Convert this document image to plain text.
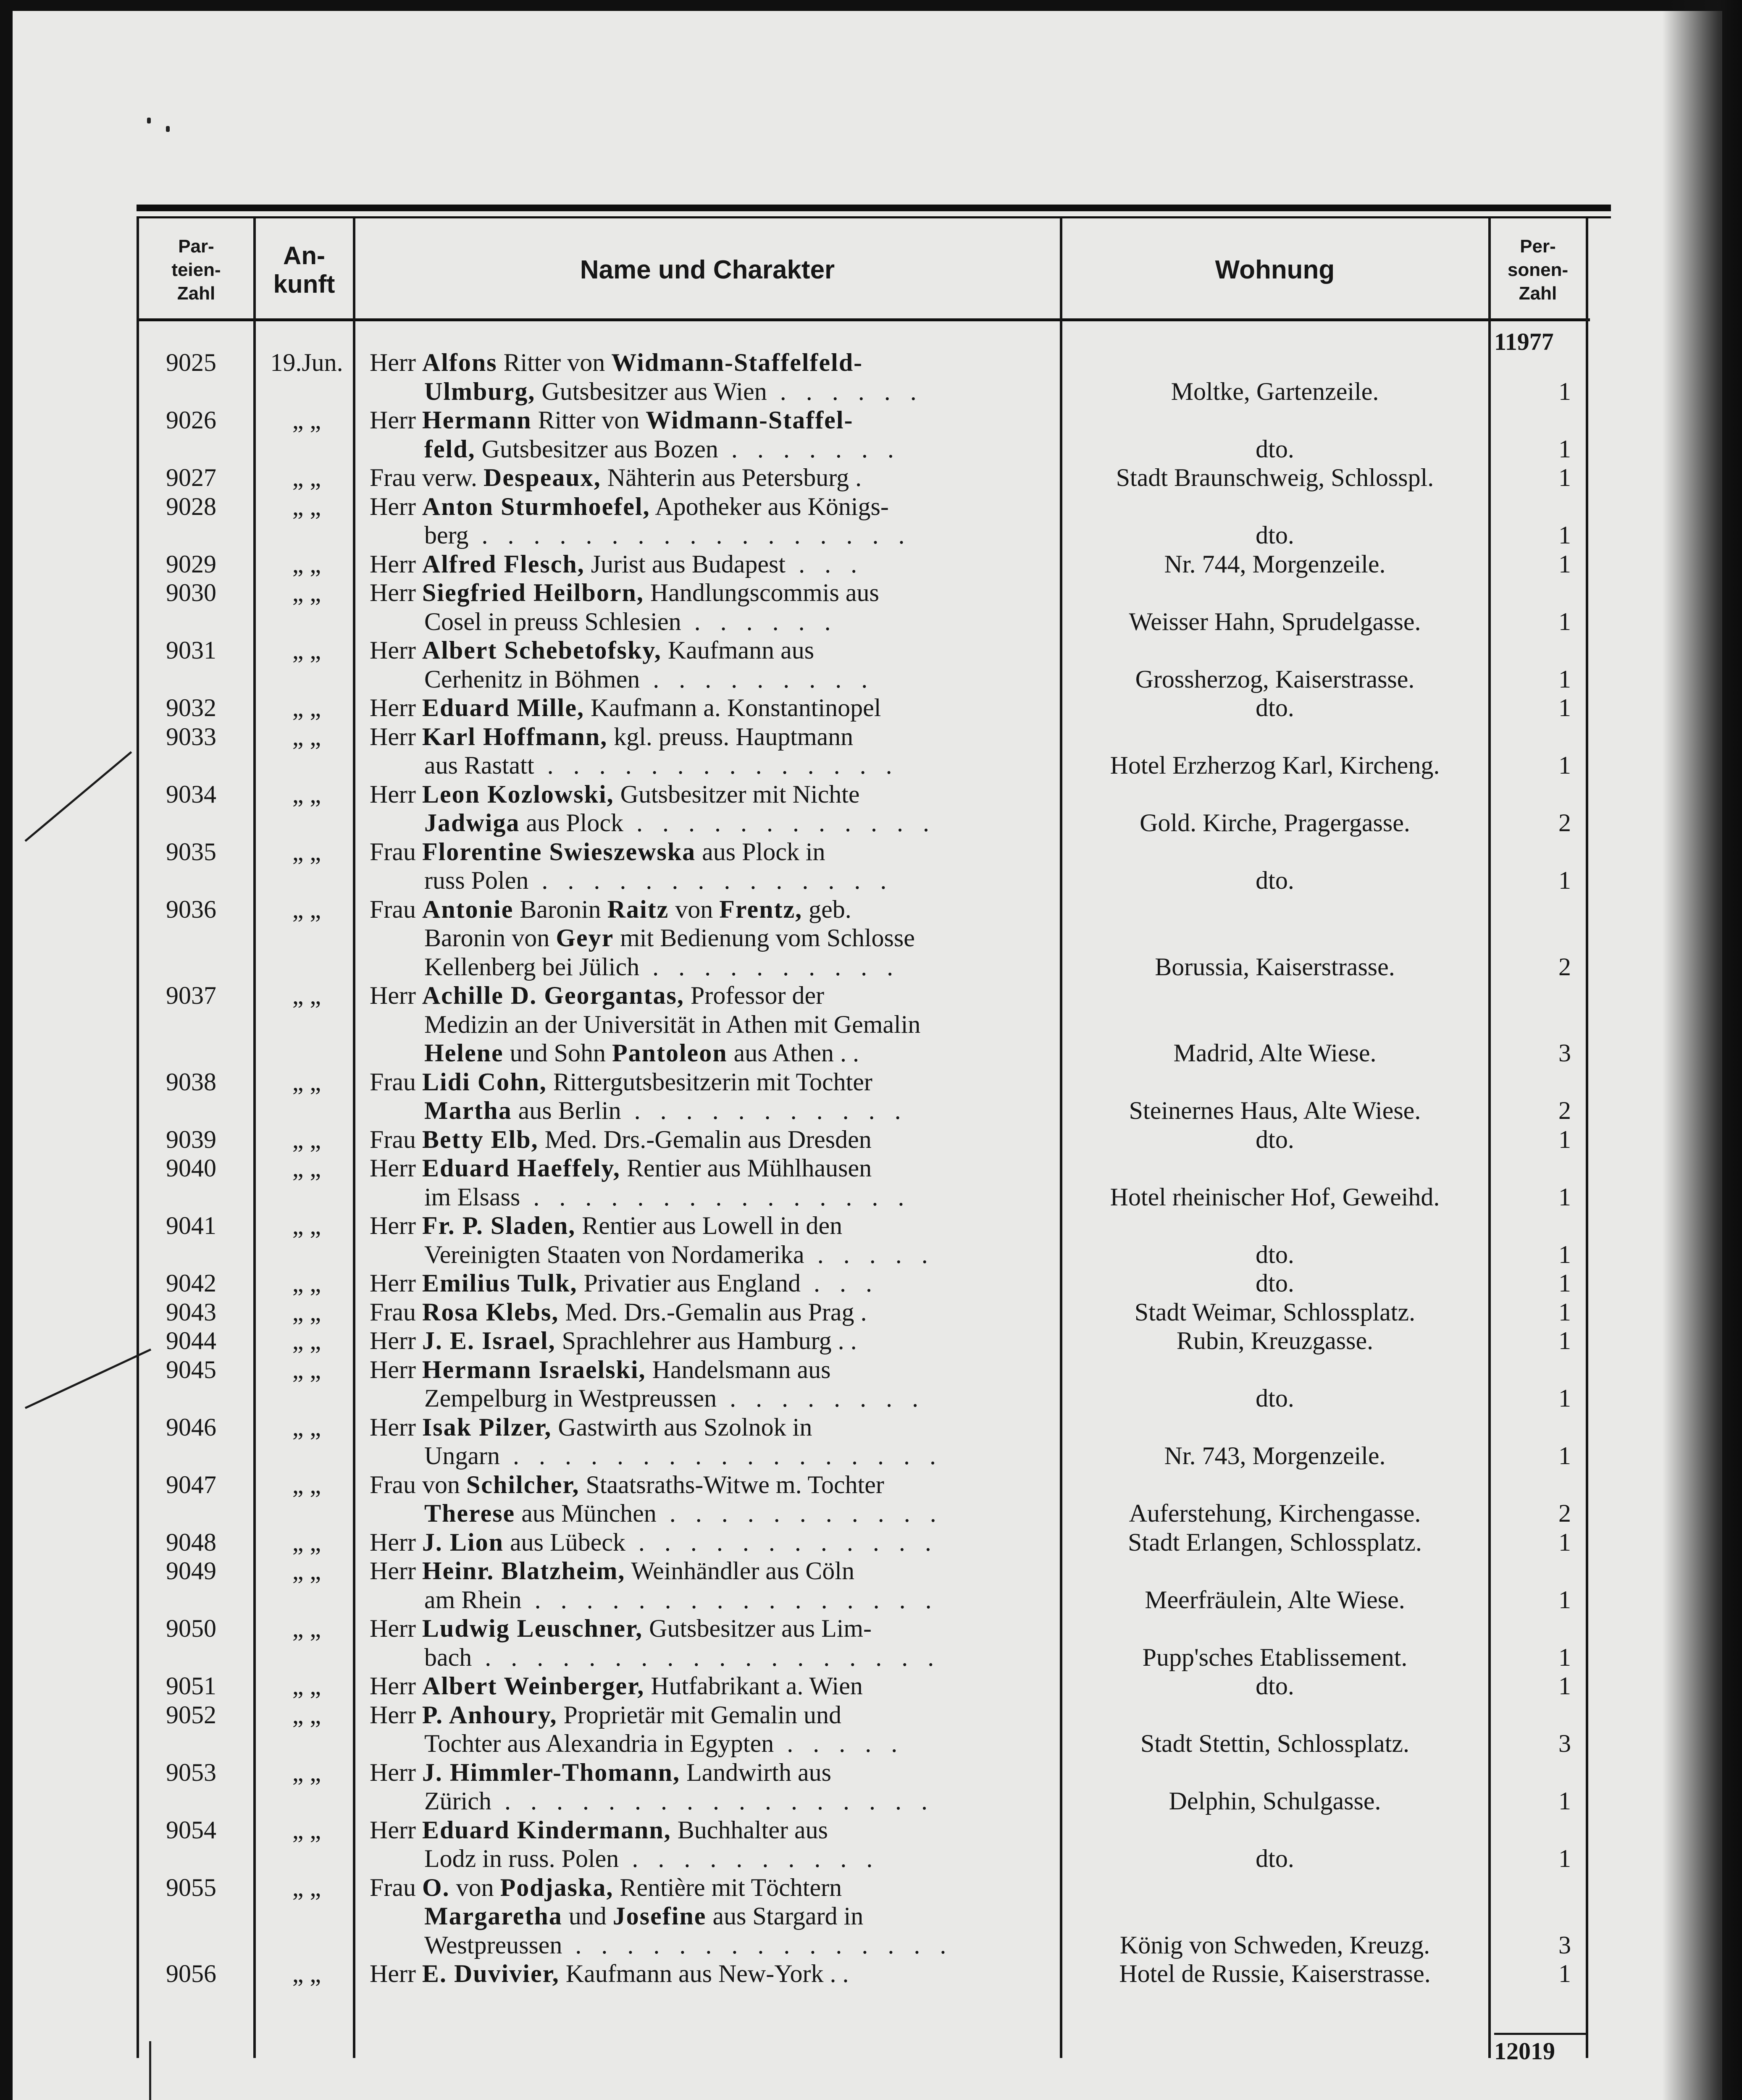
Par-
teien-
Zahl
An-
kunft	Name und Charakter	Wohnung
Per-
sonen-
Zahl
11977
12019
9025	19.Jun.	Herr Alfons Ritter von Widmann-Staffelfeld-
Ulmburg, Gutsbesitzer aus Wien . . . . . .	Moltke, Gartenzeile.	1
9026	„ „	Herr Hermann Ritter von Widmann-Staffel-
feld, Gutsbesitzer aus Bozen . . . . . . .	dto.	1
9027	„ „	Frau verw. Despeaux, Nähterin aus Petersburg .	Stadt Braunschweig, Schlosspl.	1
9028	„ „	Herr Anton Sturmhoefel, Apotheker aus Königs-
berg . . . . . . . . . . . . . . . . .	dto.	1
9029	„ „	Herr Alfred Flesch, Jurist aus Budapest . . .	Nr. 744, Morgenzeile.	1
9030	„ „	Herr Siegfried Heilborn, Handlungscommis aus
Cosel in preuss Schlesien . . . . . .	Weisser Hahn, Sprudelgasse.	1
9031	„ „	Herr Albert Schebetofsky, Kaufmann aus
Cerhenitz in Böhmen . . . . . . . . .	Grossherzog, Kaiserstrasse.	1
9032	„ „	Herr Eduard Mille, Kaufmann a. Konstantinopel	dto.	1
9033	„ „	Herr Karl Hoffmann, kgl. preuss. Hauptmann
aus Rastatt . . . . . . . . . . . . . .	Hotel Erzherzog Karl, Kircheng.	1
9034	„ „	Herr Leon Kozlowski, Gutsbesitzer mit Nichte
Jadwiga aus Plock . . . . . . . . . . . .	Gold. Kirche, Pragergasse.	2
9035	„ „	Frau Florentine Swieszewska aus Plock in
russ Polen . . . . . . . . . . . . . .	dto.	1
9036	„ „	Frau Antonie Baronin Raitz von Frentz, geb.
Baronin von Geyr mit Bedienung vom Schlosse
Kellenberg bei Jülich . . . . . . . . . .	Borussia, Kaiserstrasse.	2
9037	„ „	Herr Achille D. Georgantas, Professor der
Medizin an der Universität in Athen mit Gemalin
Helene und Sohn Pantoleon aus Athen . .	Madrid, Alte Wiese.	3
9038	„ „	Frau Lidi Cohn, Rittergutsbesitzerin mit Tochter
Martha aus Berlin . . . . . . . . . . .	Steinernes Haus, Alte Wiese.	2
9039	„ „	Frau Betty Elb, Med. Drs.-Gemalin aus Dresden	dto.	1
9040	„ „	Herr Eduard Haeffely, Rentier aus Mühlhausen
im Elsass . . . . . . . . . . . . . . .	Hotel rheinischer Hof, Geweihd.	1
9041	„ „	Herr Fr. P. Sladen, Rentier aus Lowell in den
Vereinigten Staaten von Nordamerika . . . . .	dto.	1
9042	„ „	Herr Emilius Tulk, Privatier aus England . . .	dto.	1
9043	„ „	Frau Rosa Klebs, Med. Drs.-Gemalin aus Prag .	Stadt Weimar, Schlossplatz.	1
9044	„ „	Herr J. E. Israel, Sprachlehrer aus Hamburg . .	Rubin, Kreuzgasse.	1
9045	„ „	Herr Hermann Israelski, Handelsmann aus
Zempelburg in Westpreussen . . . . . . . .	dto.	1
9046	„ „	Herr Isak Pilzer, Gastwirth aus Szolnok in
Ungarn . . . . . . . . . . . . . . . . .	Nr. 743, Morgenzeile.	1
9047	„ „	Frau von Schilcher, Staatsraths-Witwe m. Tochter
Therese aus München . . . . . . . . . . .	Auferstehung, Kirchengasse.	2
9048	„ „	Herr J. Lion aus Lübeck . . . . . . . . . . . .	Stadt Erlangen, Schlossplatz.	1
9049	„ „	Herr Heinr. Blatzheim, Weinhändler aus Cöln
am Rhein . . . . . . . . . . . . . . . .	Meerfräulein, Alte Wiese.	1
9050	„ „	Herr Ludwig Leuschner, Gutsbesitzer aus Lim-
bach . . . . . . . . . . . . . . . . . .	Pupp'sches Etablissement.	1
9051	„ „	Herr Albert Weinberger, Hutfabrikant a. Wien	dto.	1
9052	„ „	Herr P. Anhoury, Proprietär mit Gemalin und
Tochter aus Alexandria in Egypten . . . . .	Stadt Stettin, Schlossplatz.	3
9053	„ „	Herr J. Himmler-Thomann, Landwirth aus
Zürich . . . . . . . . . . . . . . . . .	Delphin, Schulgasse.	1
9054	„ „	Herr Eduard Kindermann, Buchhalter aus
Lodz in russ. Polen . . . . . . . . . .	dto.	1
9055	„ „	Frau O. von Podjaska, Rentière mit Töchtern
Margaretha und Josefine aus Stargard in
Westpreussen . . . . . . . . . . . . . . .	König von Schweden, Kreuzg.	3
9056	„ „	Herr E. Duvivier, Kaufmann aus New-York . .	Hotel de Russie, Kaiserstrasse.	1
